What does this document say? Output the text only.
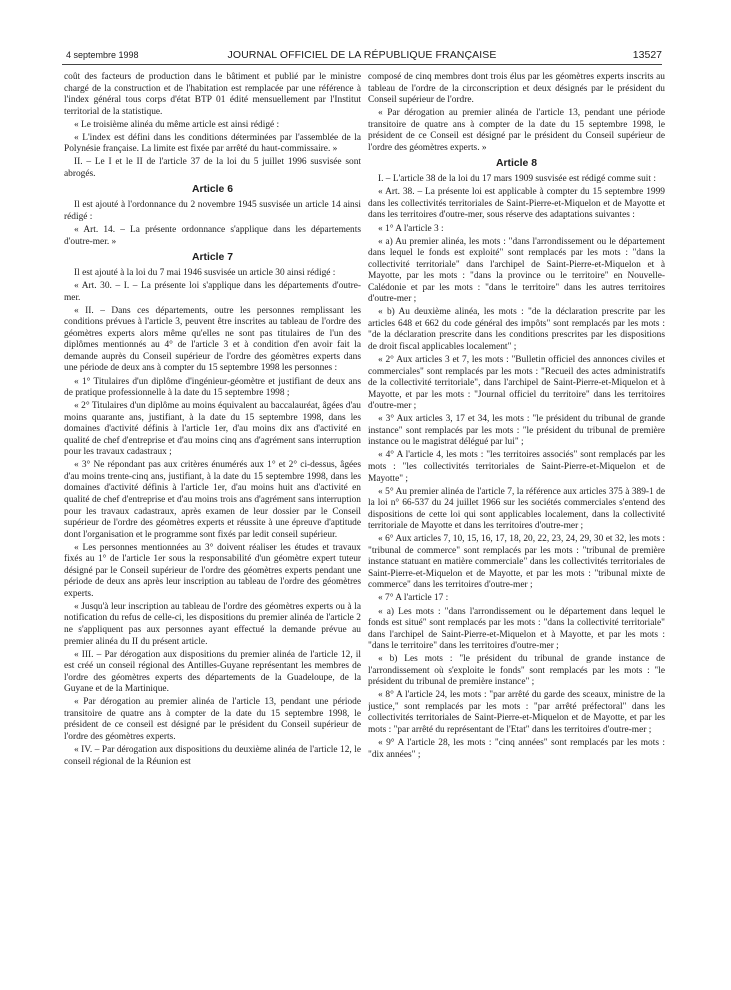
4 septembre 1998	JOURNAL OFFICIEL DE LA RÉPUBLIQUE FRANÇAISE	13527

coût des facteurs de production dans le bâtiment et publié par le ministre chargé de la construction et de l'habitation est remplacée par une référence à l'index général tous corps d'état BTP 01 édité mensuellement par l'Institut territorial de la statistique.

« Le troisième alinéa du même article est ainsi rédigé :

« L'index est défini dans les conditions déterminées par l'assemblée de la Polynésie française. La limite est fixée par arrêté du haut-commissaire. »

II. – Le I et le II de l'article 37 de la loi du 5 juillet 1996 susvisée sont abrogés.

Article 6

Il est ajouté à l'ordonnance du 2 novembre 1945 susvisée un article 14 ainsi rédigé :

« Art. 14. – La présente ordonnance s'applique dans les départements d'outre-mer. »

Article 7

Il est ajouté à la loi du 7 mai 1946 susvisée un article 30 ainsi rédigé :

« Art. 30. – I. – La présente loi s'applique dans les départements d'outre-mer.

« II. – Dans ces départements, outre les personnes remplissant les conditions prévues à l'article 3, peuvent être inscrites au tableau de l'ordre des géomètres experts alors même qu'elles ne sont pas titulaires de l'un des diplômes mentionnés au 4° de l'article 3 et à condition d'en avoir fait la demande auprès du Conseil supérieur de l'ordre des géomètres experts dans une période de deux ans à compter du 15 septembre 1998 les personnes :

« 1° Titulaires d'un diplôme d'ingénieur-géomètre et justifiant de deux ans de pratique professionnelle à la date du 15 septembre 1998 ;

« 2° Titulaires d'un diplôme au moins équivalent au baccalauréat, âgées d'au moins quarante ans, justifiant, à la date du 15 septembre 1998, dans les domaines d'activité définis à l'article 1er, d'au moins dix ans d'activité en qualité de chef d'entreprise et d'au moins cinq ans d'agrément sans interruption pour les travaux cadastraux ;

« 3° Ne répondant pas aux critères énumérés aux 1° et 2° ci-dessus, âgées d'au moins trente-cinq ans, justifiant, à la date du 15 septembre 1998, dans les domaines d'activité définis à l'article 1er, d'au moins huit ans d'activité en qualité de chef d'entreprise et d'au moins trois ans d'agrément sans interruption pour les travaux cadastraux, après examen de leur dossier par le Conseil supérieur de l'ordre des géomètres experts et réussite à une épreuve d'aptitude dont l'organisation et le programme sont fixés par ledit conseil supérieur.

« Les personnes mentionnées au 3° doivent réaliser les études et travaux fixés au 1° de l'article 1er sous la responsabilité d'un géomètre expert tuteur désigné par le Conseil supérieur de l'ordre des géomètres experts pendant une période de deux ans après leur inscription au tableau de l'ordre des géomètres experts.

« Jusqu'à leur inscription au tableau de l'ordre des géomètres experts ou à la notification du refus de celle-ci, les dispositions du premier alinéa de l'article 2 ne s'appliquent pas aux personnes ayant effectué la demande prévue au premier alinéa du II du présent article.

« III. – Par dérogation aux dispositions du premier alinéa de l'article 12, il est créé un conseil régional des Antilles-Guyane représentant les membres de l'ordre des géomètres experts des départements de la Guadeloupe, de la Guyane et de la Martinique.

« Par dérogation au premier alinéa de l'article 13, pendant une période transitoire de quatre ans à compter de la date du 15 septembre 1998, le président de ce conseil est désigné par le président du Conseil supérieur de l'ordre des géomètres experts.

« IV. – Par dérogation aux dispositions du deuxième alinéa de l'article 12, le conseil régional de la Réunion est

composé de cinq membres dont trois élus par les géomètres experts inscrits au tableau de l'ordre de la circonscription et deux désignés par le président du Conseil supérieur de l'ordre.

« Par dérogation au premier alinéa de l'article 13, pendant une période transitoire de quatre ans à compter de la date du 15 septembre 1998, le président de ce Conseil est désigné par le président du Conseil supérieur de l'ordre des géomètres experts. »

Article 8

I. – L'article 38 de la loi du 17 mars 1909 susvisée est rédigé comme suit :

« Art. 38. – La présente loi est applicable à compter du 15 septembre 1999 dans les collectivités territoriales de Saint-Pierre-et-Miquelon et de Mayotte et dans les territoires d'outre-mer, sous réserve des adaptations suivantes :

« 1° A l'article 3 :

« a) Au premier alinéa, les mots : "dans l'arrondissement ou le département dans lequel le fonds est exploité" sont remplacés par les mots : "dans la collectivité territoriale" dans l'archipel de Saint-Pierre-et-Miquelon et à Mayotte, par les mots : "dans la province ou le territoire" en Nouvelle-Calédonie et par les mots : "dans le territoire" dans les autres territoires d'outre-mer ;

« b) Au deuxième alinéa, les mots : "de la déclaration prescrite par les articles 648 et 662 du code général des impôts" sont remplacés par les mots : "de la déclaration prescrite dans les conditions prescrites par les dispositions de droit fiscal applicables localement" ;

« 2° Aux articles 3 et 7, les mots : "Bulletin officiel des annonces civiles et commerciales" sont remplacés par les mots : "Recueil des actes administratifs de la collectivité territoriale", dans l'archipel de Saint-Pierre-et-Miquelon et à Mayotte, et par les mots : "Journal officiel du territoire" dans les territoires d'outre-mer ;

« 3° Aux articles 3, 17 et 34, les mots : "le président du tribunal de grande instance" sont remplacés par les mots : "le président du tribunal de première instance ou le magistrat délégué par lui" ;

« 4° A l'article 4, les mots : "les territoires associés" sont remplacés par les mots : "les collectivités territoriales de Saint-Pierre-et-Miquelon et de Mayotte" ;

« 5° Au premier alinéa de l'article 7, la référence aux articles 375 à 389-1 de la loi n° 66-537 du 24 juillet 1966 sur les sociétés commerciales s'entend des dispositions de cette loi qui sont applicables localement, dans la collectivité territoriale de Mayotte et dans les territoires d'outre-mer ;

« 6° Aux articles 7, 10, 15, 16, 17, 18, 20, 22, 23, 24, 29, 30 et 32, les mots : "tribunal de commerce" sont remplacés par les mots : "tribunal de première instance statuant en matière commerciale" dans les collectivités territoriales de Saint-Pierre-et-Miquelon et de Mayotte, et par les mots : "tribunal mixte de commerce" dans les territoires d'outre-mer ;

« 7° A l'article 17 :

« a) Les mots : "dans l'arrondissement ou le département dans lequel le fonds est situé" sont remplacés par les mots : "dans la collectivité territoriale" dans l'archipel de Saint-Pierre-et-Miquelon et à Mayotte, et par les mots : "dans le territoire" dans les territoires d'outre-mer ;

« b) Les mots : "le président du tribunal de grande instance de l'arrondissement où s'exploite le fonds" sont remplacés par les mots : "le président du tribunal de première instance" ;

« 8° A l'article 24, les mots : "par arrêté du garde des sceaux, ministre de la justice," sont remplacés par les mots : "par arrêté préfectoral" dans les collectivités territoriales de Saint-Pierre-et-Miquelon et de Mayotte, et par les mots : "par arrêté du représentant de l'Etat" dans les territoires d'outre-mer ;

« 9° A l'article 28, les mots : "cinq années" sont remplacés par les mots : "dix années" ;
